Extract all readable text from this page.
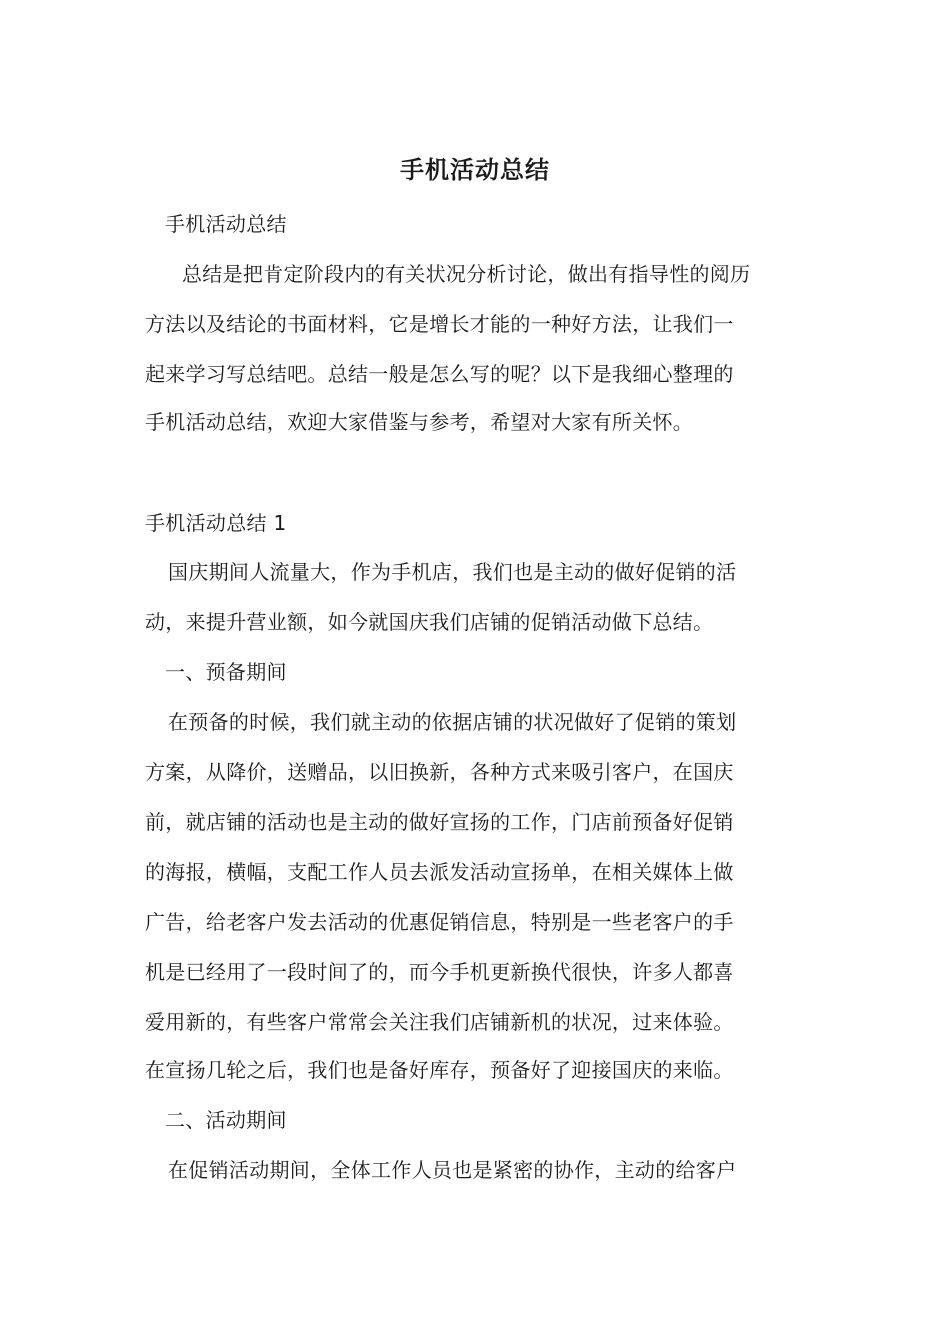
手机活动总结
手机活动总结
总结是把肯定阶段内的有关状况分析讨论，做出有指导性的阅历
方法以及结论的书面材料，它是增长才能的一种好方法，让我们一
起来学习写总结吧。总结一般是怎么写的呢？以下是我细心整理的
手机活动总结，欢迎大家借鉴与参考，希望对大家有所关怀。
手机活动总结 1
国庆期间人流量大，作为手机店，我们也是主动的做好促销的活
动，来提升营业额，如今就国庆我们店铺的促销活动做下总结。
一、预备期间
在预备的时候，我们就主动的依据店铺的状况做好了促销的策划
方案，从降价，送赠品，以旧换新，各种方式来吸引客户，在国庆
前，就店铺的活动也是主动的做好宣扬的工作，门店前预备好促销
的海报，横幅，支配工作人员去派发活动宣扬单，在相关媒体上做
广告，给老客户发去活动的优惠促销信息，特别是一些老客户的手
机是已经用了一段时间了的，而今手机更新换代很快，许多人都喜
爱用新的，有些客户常常会关注我们店铺新机的状况，过来体验。
在宣扬几轮之后，我们也是备好库存，预备好了迎接国庆的来临。
二、活动期间
在促销活动期间，全体工作人员也是紧密的协作，主动的给客户
